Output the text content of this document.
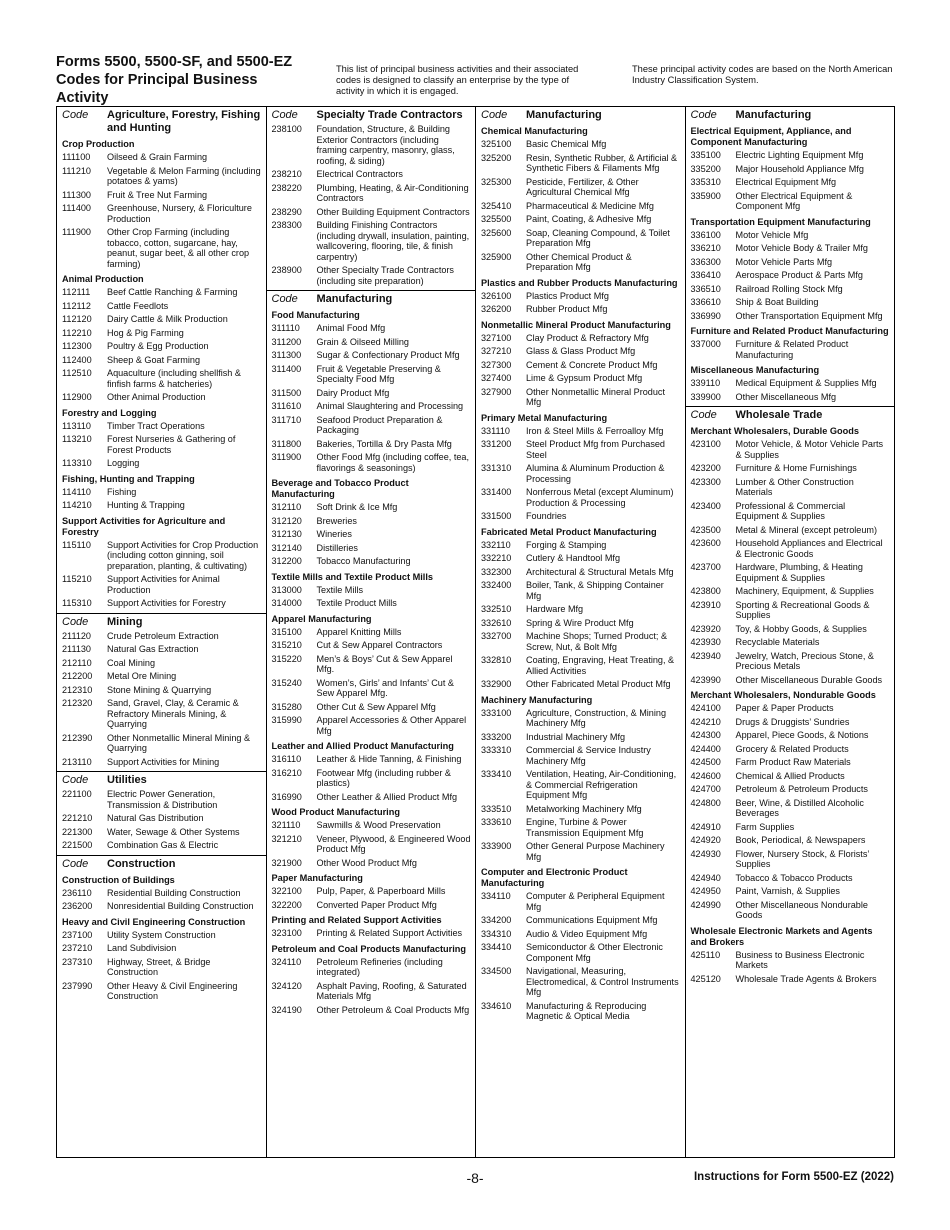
Forms 5500, 5500-SF, and 5500-EZ Codes for Principal Business Activity
This list of principal business activities and their associated codes is designed to classify an enterprise by the type of activity in which it is engaged.
These principal activity codes are based on the North American Industry Classification System.
Code	Agriculture, Forestry, Fishing and Hunting
Crop Production
111100	Oilseed & Grain Farming
111210	Vegetable & Melon Farming (including potatoes & yams)
111300	Fruit & Tree Nut Farming
111400	Greenhouse, Nursery, & Floriculture Production
111900	Other Crop Farming (including tobacco, cotton, sugarcane, hay, peanut, sugar beet, & all other crop farming)
Animal Production
112111	Beef Cattle Ranching & Farming
112112	Cattle Feedlots
112120	Dairy Cattle & Milk Production
112210	Hog & Pig Farming
112300	Poultry & Egg Production
112400	Sheep & Goat Farming
112510	Aquaculture (including shellfish & finfish farms & hatcheries)
112900	Other Animal Production
Forestry and Logging
113110	Timber Tract Operations
113210	Forest Nurseries & Gathering of Forest Products
113310	Logging
Fishing, Hunting and Trapping
114110	Fishing
114210	Hunting & Trapping
Support Activities for Agriculture and Forestry
115110	Support Activities for Crop Production (including cotton ginning, soil preparation, planting, & cultivating)
115210	Support Activities for Animal Production
115310	Support Activities for Forestry
Code	Mining
211120	Crude Petroleum Extraction
211130	Natural Gas Extraction
212110	Coal Mining
212200	Metal Ore Mining
212310	Stone Mining & Quarrying
212320	Sand, Gravel, Clay, & Ceramic & Refractory Minerals Mining, & Quarrying
212390	Other Nonmetallic Mineral Mining & Quarrying
213110	Support Activities for Mining
Code	Utilities
221100	Electric Power Generation, Transmission & Distribution
221210	Natural Gas Distribution
221300	Water, Sewage & Other Systems
221500	Combination Gas & Electric
Code	Construction
Construction of Buildings
236110	Residential Building Construction
236200	Nonresidential Building Construction
Heavy and Civil Engineering Construction
237100	Utility System Construction
237210	Land Subdivision
237310	Highway, Street, & Bridge Construction
237990	Other Heavy & Civil Engineering Construction
Code	Specialty Trade Contractors
238100	Foundation, Structure, & Building Exterior Contractors (including framing carpentry, masonry, glass, roofing, & siding)
238210	Electrical Contractors
238220	Plumbing, Heating, & Air-Conditioning Contractors
238290	Other Building Equipment Contractors
238300	Building Finishing Contractors (including drywall, insulation, painting, wallcovering, flooring, tile, & finish carpentry)
238900	Other Specialty Trade Contractors (including site preparation)
Code	Manufacturing
Food Manufacturing
311110	Animal Food Mfg
311200	Grain & Oilseed Milling
311300	Sugar & Confectionary Product Mfg
311400	Fruit & Vegetable Preserving & Specialty Food Mfg
311500	Dairy Product Mfg
311610	Animal Slaughtering and Processing
311710	Seafood Product Preparation & Packaging
311800	Bakeries, Tortilla & Dry Pasta Mfg
311900	Other Food Mfg (including coffee, tea, flavorings & seasonings)
Beverage and Tobacco Product Manufacturing
312110	Soft Drink & Ice Mfg
312120	Breweries
312130	Wineries
312140	Distilleries
312200	Tobacco Manufacturing
Textile Mills and Textile Product Mills
313000	Textile Mills
314000	Textile Product Mills
Apparel Manufacturing
315100	Apparel Knitting Mills
315210	Cut & Sew Apparel Contractors
315220	Men’s & Boys’ Cut & Sew Apparel Mfg.
315240	Women’s, Girls’ and Infants’ Cut & Sew Apparel Mfg.
315280	Other Cut & Sew Apparel Mfg
315990	Apparel Accessories & Other Apparel Mfg
Leather and Allied Product Manufacturing
316110	Leather & Hide Tanning, & Finishing
316210	Footwear Mfg (including rubber & plastics)
316990	Other Leather & Allied Product Mfg
Wood Product Manufacturing
321110	Sawmills & Wood Preservation
321210	Veneer, Plywood, & Engineered Wood Product Mfg
321900	Other Wood Product Mfg
Paper Manufacturing
322100	Pulp, Paper, & Paperboard Mills
322200	Converted Paper Product Mfg
Printing and Related Support Activities
323100	Printing & Related Support Activities
Petroleum and Coal Products Manufacturing
324110	Petroleum Refineries (including integrated)
324120	Asphalt Paving, Roofing, & Saturated Materials Mfg
324190	Other Petroleum & Coal Products Mfg
Code	Manufacturing
Chemical Manufacturing
325100	Basic Chemical Mfg
325200	Resin, Synthetic Rubber, & Artificial & Synthetic Fibers & Filaments Mfg
325300	Pesticide, Fertilizer, & Other Agricultural Chemical Mfg
325410	Pharmaceutical & Medicine Mfg
325500	Paint, Coating, & Adhesive Mfg
325600	Soap, Cleaning Compound, & Toilet Preparation Mfg
325900	Other Chemical Product & Preparation Mfg
Plastics and Rubber Products Manufacturing
326100	Plastics Product Mfg
326200	Rubber Product Mfg
Nonmetallic Mineral Product Manufacturing
327100	Clay Product & Refractory Mfg
327210	Glass & Glass Product Mfg
327300	Cement & Concrete Product Mfg
327400	Lime & Gypsum Product Mfg
327900	Other Nonmetallic Mineral Product Mfg
Primary Metal Manufacturing
331110	Iron & Steel Mills & Ferroalloy Mfg
331200	Steel Product Mfg from Purchased Steel
331310	Alumina & Aluminum Production & Processing
331400	Nonferrous Metal (except Aluminum) Production & Processing
331500	Foundries
Fabricated Metal Product Manufacturing
332110	Forging & Stamping
332210	Cutlery & Handtool Mfg
332300	Architectural & Structural Metals Mfg
332400	Boiler, Tank, & Shipping Container Mfg
332510	Hardware Mfg
332610	Spring & Wire Product Mfg
332700	Machine Shops; Turned Product; & Screw, Nut, & Bolt Mfg
332810	Coating, Engraving, Heat Treating, & Allied Activities
332900	Other Fabricated Metal Product Mfg
Machinery Manufacturing
333100	Agriculture, Construction, & Mining Machinery Mfg
333200	Industrial Machinery Mfg
333310	Commercial & Service Industry Machinery Mfg
333410	Ventilation, Heating, Air-Conditioning, & Commercial Refrigeration Equipment Mfg
333510	Metalworking Machinery Mfg
333610	Engine, Turbine & Power Transmission Equipment Mfg
333900	Other General Purpose Machinery Mfg
Computer and Electronic Product Manufacturing
334110	Computer & Peripheral Equipment Mfg
334200	Communications Equipment Mfg
334310	Audio & Video Equipment Mfg
334410	Semiconductor & Other Electronic Component Mfg
334500	Navigational, Measuring, Electromedical, & Control Instruments Mfg
334610	Manufacturing & Reproducing Magnetic & Optical Media
Code	Manufacturing
Electrical Equipment, Appliance, and Component Manufacturing
335100	Electric Lighting Equipment Mfg
335200	Major Household Appliance Mfg
335310	Electrical Equipment Mfg
335900	Other Electrical Equipment & Component Mfg
Transportation Equipment Manufacturing
336100	Motor Vehicle Mfg
336210	Motor Vehicle Body & Trailer Mfg
336300	Motor Vehicle Parts Mfg
336410	Aerospace Product & Parts Mfg
336510	Railroad Rolling Stock Mfg
336610	Ship & Boat Building
336990	Other Transportation Equipment Mfg
Furniture and Related Product Manufacturing
337000	Furniture & Related Product Manufacturing
Miscellaneous Manufacturing
339110	Medical Equipment & Supplies Mfg
339900	Other Miscellaneous Mfg
Code	Wholesale Trade
Merchant Wholesalers, Durable Goods
423100	Motor Vehicle, & Motor Vehicle Parts & Supplies
423200	Furniture & Home Furnishings
423300	Lumber & Other Construction Materials
423400	Professional & Commercial Equipment & Supplies
423500	Metal & Mineral (except petroleum)
423600	Household Appliances and Electrical & Electronic Goods
423700	Hardware, Plumbing, & Heating Equipment & Supplies
423800	Machinery, Equipment, & Supplies
423910	Sporting & Recreational Goods & Supplies
423920	Toy, & Hobby Goods, & Supplies
423930	Recyclable Materials
423940	Jewelry, Watch, Precious Stone, & Precious Metals
423990	Other Miscellaneous Durable Goods
Merchant Wholesalers, Nondurable Goods
424100	Paper & Paper Products
424210	Drugs & Druggists’ Sundries
424300	Apparel, Piece Goods, & Notions
424400	Grocery & Related Products
424500	Farm Product Raw Materials
424600	Chemical & Allied Products
424700	Petroleum & Petroleum Products
424800	Beer, Wine, & Distilled Alcoholic Beverages
424910	Farm Supplies
424920	Book, Periodical, & Newspapers
424930	Flower, Nursery Stock, & Florists’ Supplies
424940	Tobacco & Tobacco Products
424950	Paint, Varnish, & Supplies
424990	Other Miscellaneous Nondurable Goods
Wholesale Electronic Markets and Agents and Brokers
425110	Business to Business Electronic Markets
425120	Wholesale Trade Agents & Brokers
-8-	Instructions for Form 5500-EZ (2022)
